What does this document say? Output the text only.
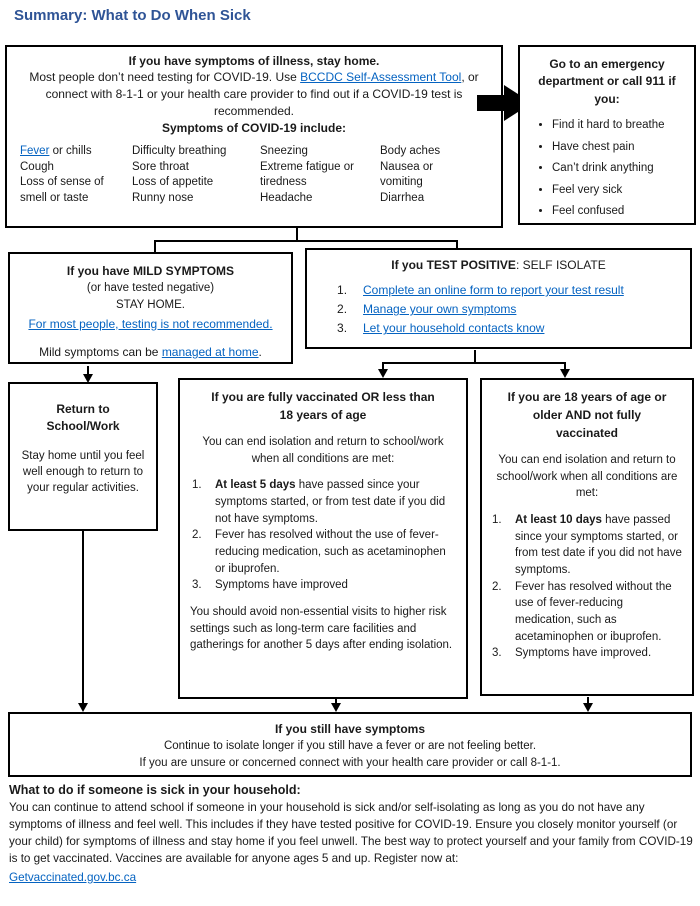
Summary: What to Do When Sick
If you have symptoms of illness, stay home.
Most people don’t need testing for COVID-19. Use BCCDC Self-Assessment Tool, or connect with 8-1-1 or your health care provider to find out if a COVID-19 test is recommended.
Symptoms of COVID-19 include:
Fever or chills
Cough
Loss of sense of smell or taste
Difficulty breathing
Sore throat
Loss of appetite
Runny nose
Sneezing
Extreme fatigue or tiredness
Headache
Body aches
Nausea or vomiting
Diarrhea
Go to an emergency department or call 911 if you:
• Find it hard to breathe
• Have chest pain
• Can’t drink anything
• Feel very sick
• Feel confused
If you have MILD SYMPTOMS
(or have tested negative)
STAY HOME.
For most people, testing is not recommended.
Mild symptoms can be managed at home.
If you TEST POSITIVE: SELF ISOLATE
Complete an online form to report your test result
Manage your own symptoms
Let your household contacts know
Return to
School/Work
Stay home until you feel well enough to return to your regular activities.
If you are fully vaccinated OR less than 18 years of age
You can end isolation and return to school/work when all conditions are met:
At least 5 days have passed since your symptoms started, or from test date if you did not have symptoms.
Fever has resolved without the use of fever-reducing medication, such as acetaminophen or ibuprofen.
Symptoms have improved
You should avoid non-essential visits to higher risk settings such as long-term care facilities and gatherings for another 5 days after ending isolation.
If you are 18 years of age or older AND not fully vaccinated
You can end isolation and return to school/work when all conditions are met:
At least 10 days have passed since your symptoms started, or from test date if you did not have symptoms.
Fever has resolved without the use of fever-reducing medication, such as acetaminophen or ibuprofen.
Symptoms have improved.
If you still have symptoms
Continue to isolate longer if you still have a fever or are not feeling better.
If you are unsure or concerned connect with your health care provider or call 8-1-1.
What to do if someone is sick in your household:
You can continue to attend school if someone in your household is sick and/or self-isolating as long as you do not have any symptoms of illness and feel well. This includes if they have tested positive for COVID-19. Ensure you closely monitor yourself (or your child) for symptoms of illness and stay home if you feel unwell. The best way to protect yourself and your family from COVID-19 is to get vaccinated. Vaccines are available for anyone ages 5 and up. Register now at:
Getvaccinated.gov.bc.ca
